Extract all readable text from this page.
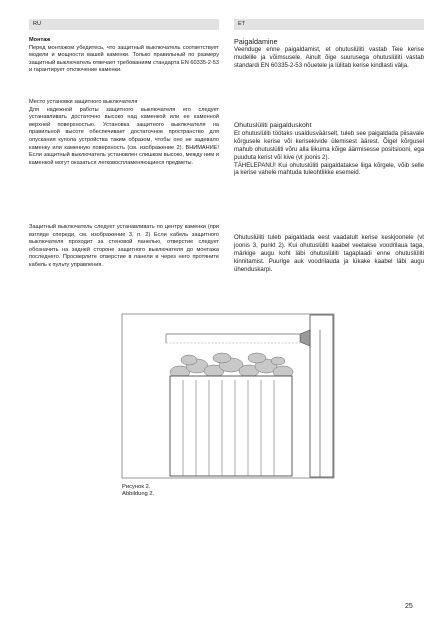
RU	ET
Монтаж

Перед монтажом убедитесь, что защитный выключатель соответствует модели и мощности вашей каменки. Только правильный по размеру защитный выключатель отвечает требованиям стандарта EN 60335-2-53 и гарантирует отключение каменки.

Место установки защитного выключателя

Для надежной работы защитного выключателя его следует устанавливать достаточно высоко над каменкой или ее каменной верхней поверхностью. Установка защитного выключателя на правильной высоте обеспечивает достаточное пространство для опускания купола устройства таким образом, чтобы оно не задевало каменку или каменную поверхность (см. изображение 2). ВНИМАНИЕ! Если защитный выключатель установлен слишком высоко, между ним и каменкой могут оказаться легковоспламеняющиеся предметы.

Защитный выключатель следует устанавливать по центру каменки (при взгляде спереди, см. изображение 3, п. 2) Если кабель защитного выключателя проходит за стеновой панелью, отверстие следует обозначить на задней стороне защитного выключателя до монтажа последнего. Просверлите отверстие в панели и через него протяните кабель к пульту управления.

Paigaldamine

Veenduge enne paigaldamist, et ohutuslüliti vastab Teie kerise mudelile ja võimsusele. Ainult õige suurusega ohutuslüliti vastab standardi EN 60335-2-53 nõuetele ja lülitab kerise kindlasti välja.

Ohutuslüliti paigalduskoht

Et ohutuslüliti töötaks usaldusväärselt, tuleb see paigaldada piisavale kõrgusele kerise või kerisekivide ülemisest äärest. Õigel kõrgusel mahub ohutuslüliti võru alla liikuma kõige äärmisesse positsiooni, ega puuduta kerist või kive (vt joonis 2).

TÄHELEPANU! Kui ohutuslüliti paigaldatakse liiga kõrgele, võib selle ja kerise vahele mahtuda tuleohtlikke esemeid.

Ohutuslüliti tuleb paigaldada eest vaadatult kerise keskjoonele (vt joonis 3, punkt 2). Kui ohutuslüliti kaabel veetakse voodrilaua taga, märkige augu koht läbi ohutuslüliti tagaplaadi enne ohutuslüliti kinnitamist. Puurige auk voodrilauda ja lükake kaabel läbi augu ühenduskarpi.

Рисунок 2.
Abbildung 2.
25
